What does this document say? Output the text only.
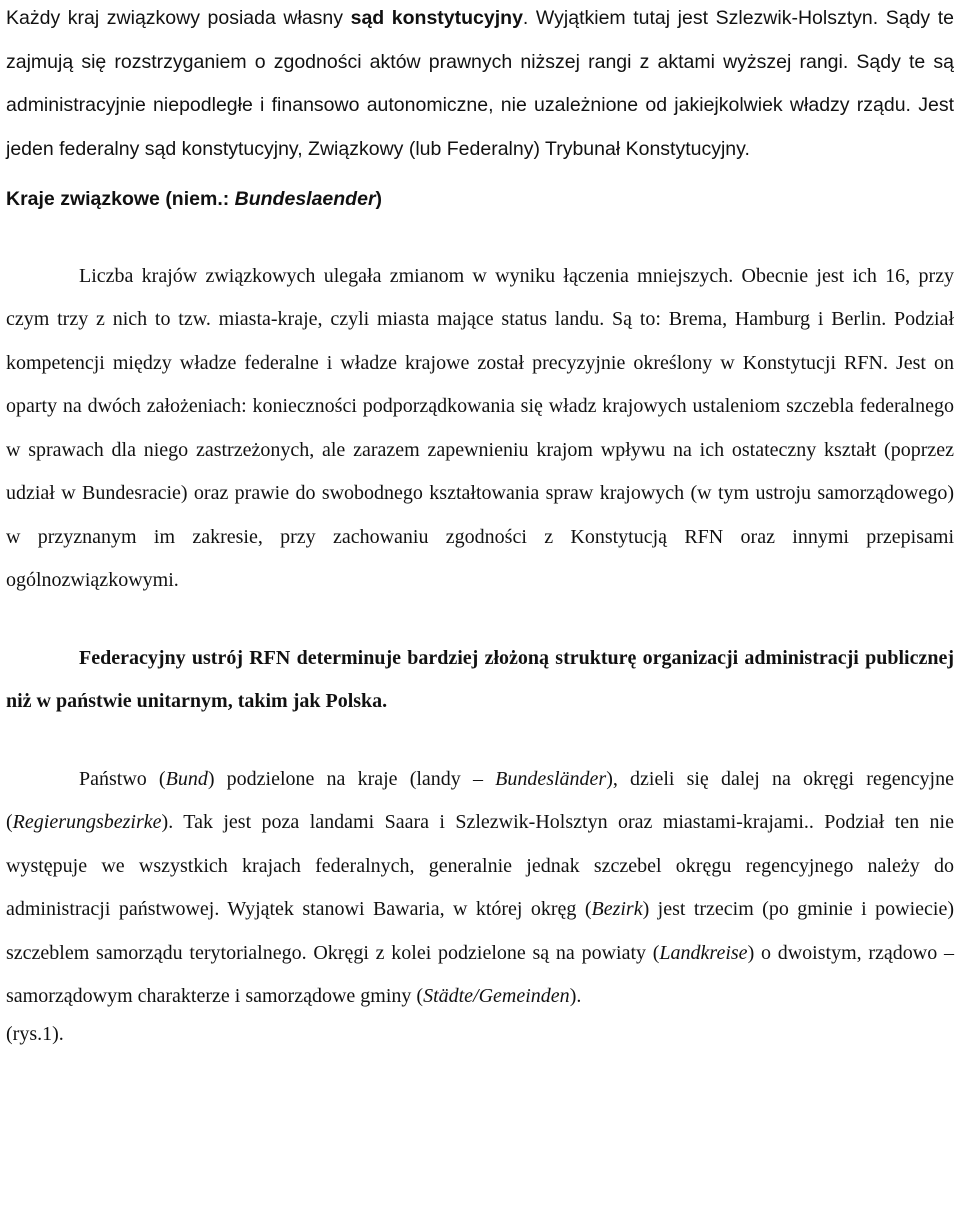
Każdy kraj związkowy posiada własny sąd konstytucyjny. Wyjątkiem tutaj jest Szlezwik-Holsztyn. Sądy te zajmują się rozstrzyganiem o zgodności aktów prawnych niższej rangi z aktami wyższej rangi. Sądy te są administracyjnie niepodległe i finansowo autonomiczne, nie uzależnione od jakiejkolwiek władzy rządu. Jest jeden federalny sąd konstytucyjny, Związkowy (lub Federalny) Trybunał Konstytucyjny.

Kraje związkowe (niem.: Bundeslaender)

Liczba krajów związkowych ulegała zmianom w wyniku łączenia mniejszych. Obecnie jest ich 16, przy czym trzy z nich to tzw. miasta-kraje, czyli miasta mające status landu. Są to: Brema, Hamburg i Berlin. Podział kompetencji między władze federalne i władze krajowe został precyzyjnie określony w Konstytucji RFN. Jest on oparty na dwóch założeniach: konieczności podporządkowania się władz krajowych ustaleniom szczebla federalnego w sprawach dla niego zastrzeżonych, ale zarazem zapewnieniu krajom wpływu na ich ostateczny kształt (poprzez udział w Bundesracie) oraz prawie do swobodnego kształtowania spraw krajowych (w tym ustroju samorządowego) w przyznanym im zakresie, przy zachowaniu zgodności z Konstytucją RFN oraz innymi przepisami ogólnozwiązkowymi.

Federacyjny ustrój RFN determinuje bardziej złożoną strukturę organizacji administracji publicznej niż w państwie unitarnym, takim jak Polska.

Państwo (Bund) podzielone na kraje (landy – Bundesländer), dzieli się dalej na okręgi regencyjne (Regierungsbezirke). Tak jest poza landami Saara i Szlezwik-Holsztyn oraz miastami-krajami.. Podział ten nie występuje we wszystkich krajach federalnych, generalnie jednak szczebel okręgu regencyjnego należy do administracji państwowej. Wyjątek stanowi Bawaria, w której okręg (Bezirk) jest trzecim (po gminie i powiecie) szczeblem samorządu terytorialnego. Okręgi z kolei podzielone są na powiaty (Landkreise) o dwoistym, rządowo – samorządowym charakterze i samorządowe gminy (Städte/Gemeinden).

(rys.1).
